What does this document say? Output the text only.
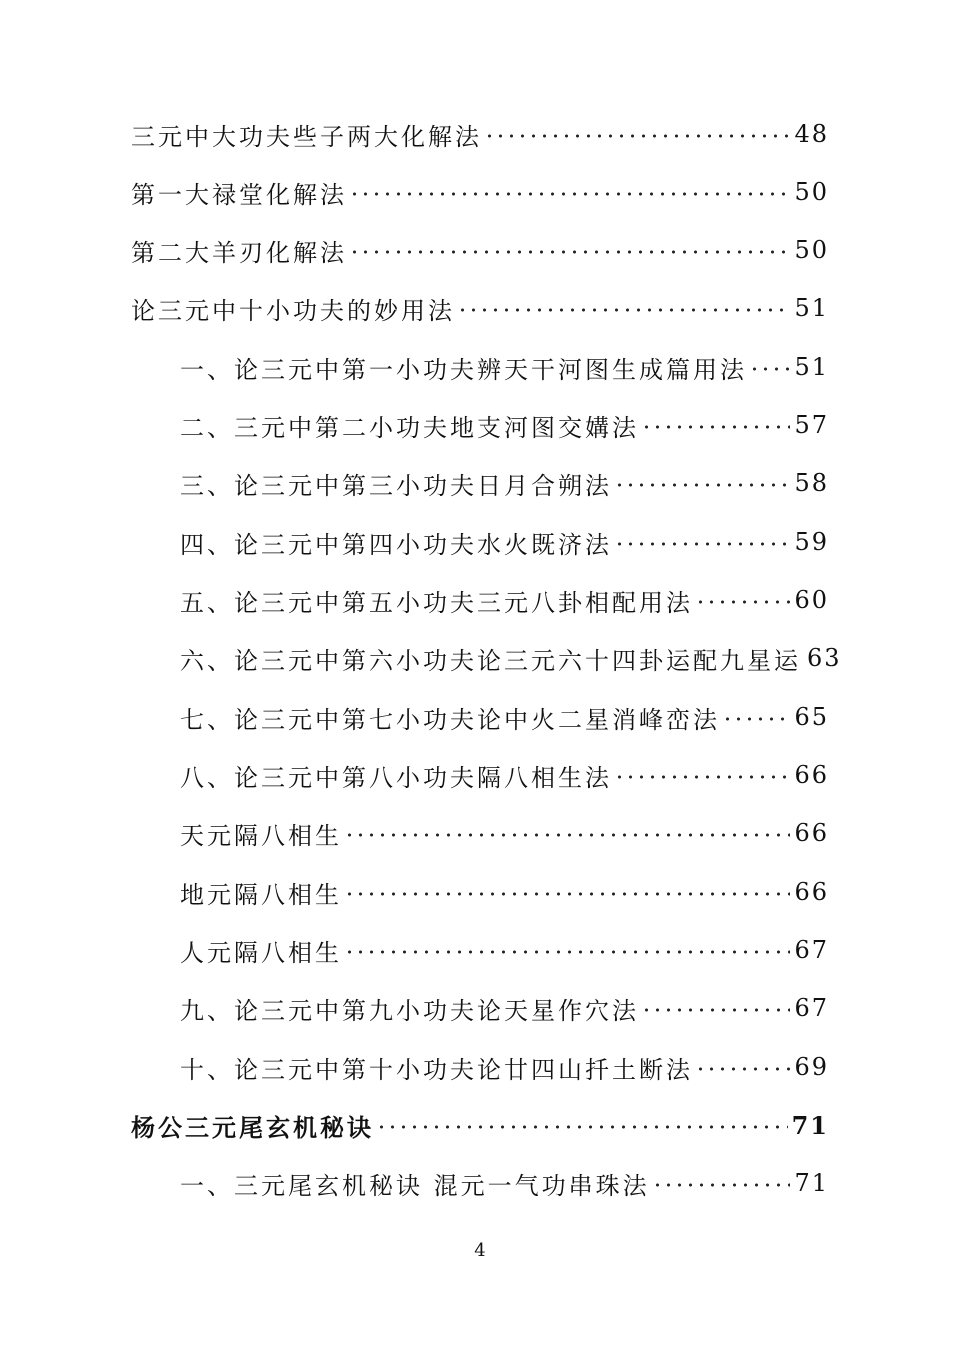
三元中大功夫些子两大化解法	48
第一大禄堂化解法	50
第二大羊刃化解法	50
论三元中十小功夫的妙用法	51
一、论三元中第一小功夫辨天干河图生成篇用法 51
二、三元中第二小功夫地支河图交媾法	57
三、论三元中第三小功夫日月合朔法	58
四、论三元中第四小功夫水火既济法	59
五、论三元中第五小功夫三元八卦相配用法	60
六、论三元中第六小功夫论三元六十四卦运配九星运 63
七、论三元中第七小功夫论中火二星消峰峦法	65
八、论三元中第八小功夫隔八相生法	66
天元隔八相生	66
地元隔八相生	66
人元隔八相生	67
九、论三元中第九小功夫论天星作穴法	67
十、论三元中第十小功夫论廿四山扦土断法	69
杨公三元尾玄机秘诀	71
一、三元尾玄机秘诀 混元一气功串珠法	71
4
